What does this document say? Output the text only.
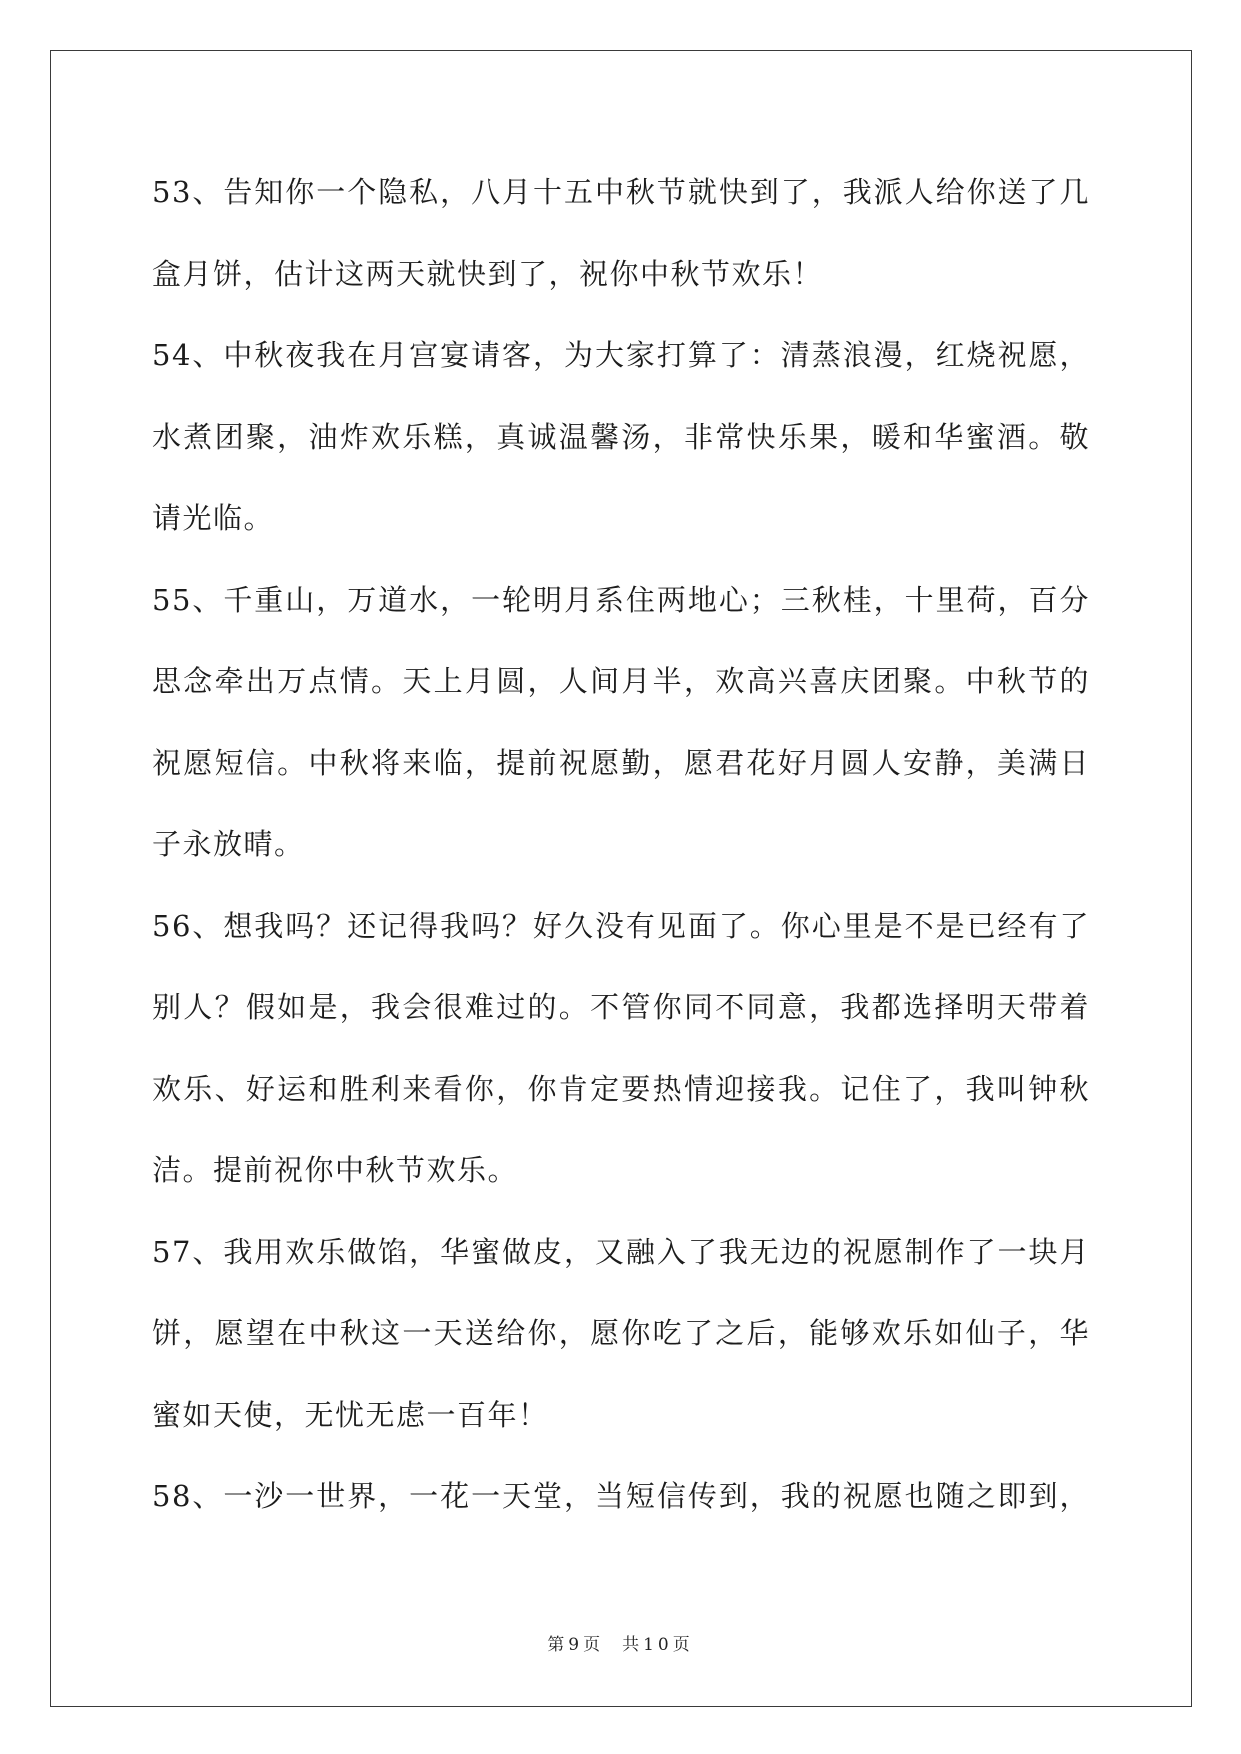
53、告知你一个隐私，八月十五中秋节就快到了，我派人给你送了几
盒月饼，估计这两天就快到了，祝你中秋节欢乐！
54、中秋夜我在月宫宴请客，为大家打算了：清蒸浪漫，红烧祝愿，
水煮团聚，油炸欢乐糕，真诚温馨汤，非常快乐果，暖和华蜜酒。敬
请光临。
55、千重山，万道水，一轮明月系住两地心；三秋桂，十里荷，百分
思念牵出万点情。天上月圆，人间月半，欢高兴喜庆团聚。中秋节的
祝愿短信。中秋将来临，提前祝愿勤，愿君花好月圆人安静，美满日
子永放晴。
56、想我吗？还记得我吗？好久没有见面了。你心里是不是已经有了
别人？假如是，我会很难过的。不管你同不同意，我都选择明天带着
欢乐、好运和胜利来看你，你肯定要热情迎接我。记住了，我叫钟秋
洁。提前祝你中秋节欢乐。
57、我用欢乐做馅，华蜜做皮，又融入了我无边的祝愿制作了一块月
饼，愿望在中秋这一天送给你，愿你吃了之后，能够欢乐如仙子，华
蜜如天使，无忧无虑一百年！
58、一沙一世界，一花一天堂，当短信传到，我的祝愿也随之即到，
第9页 共10页
